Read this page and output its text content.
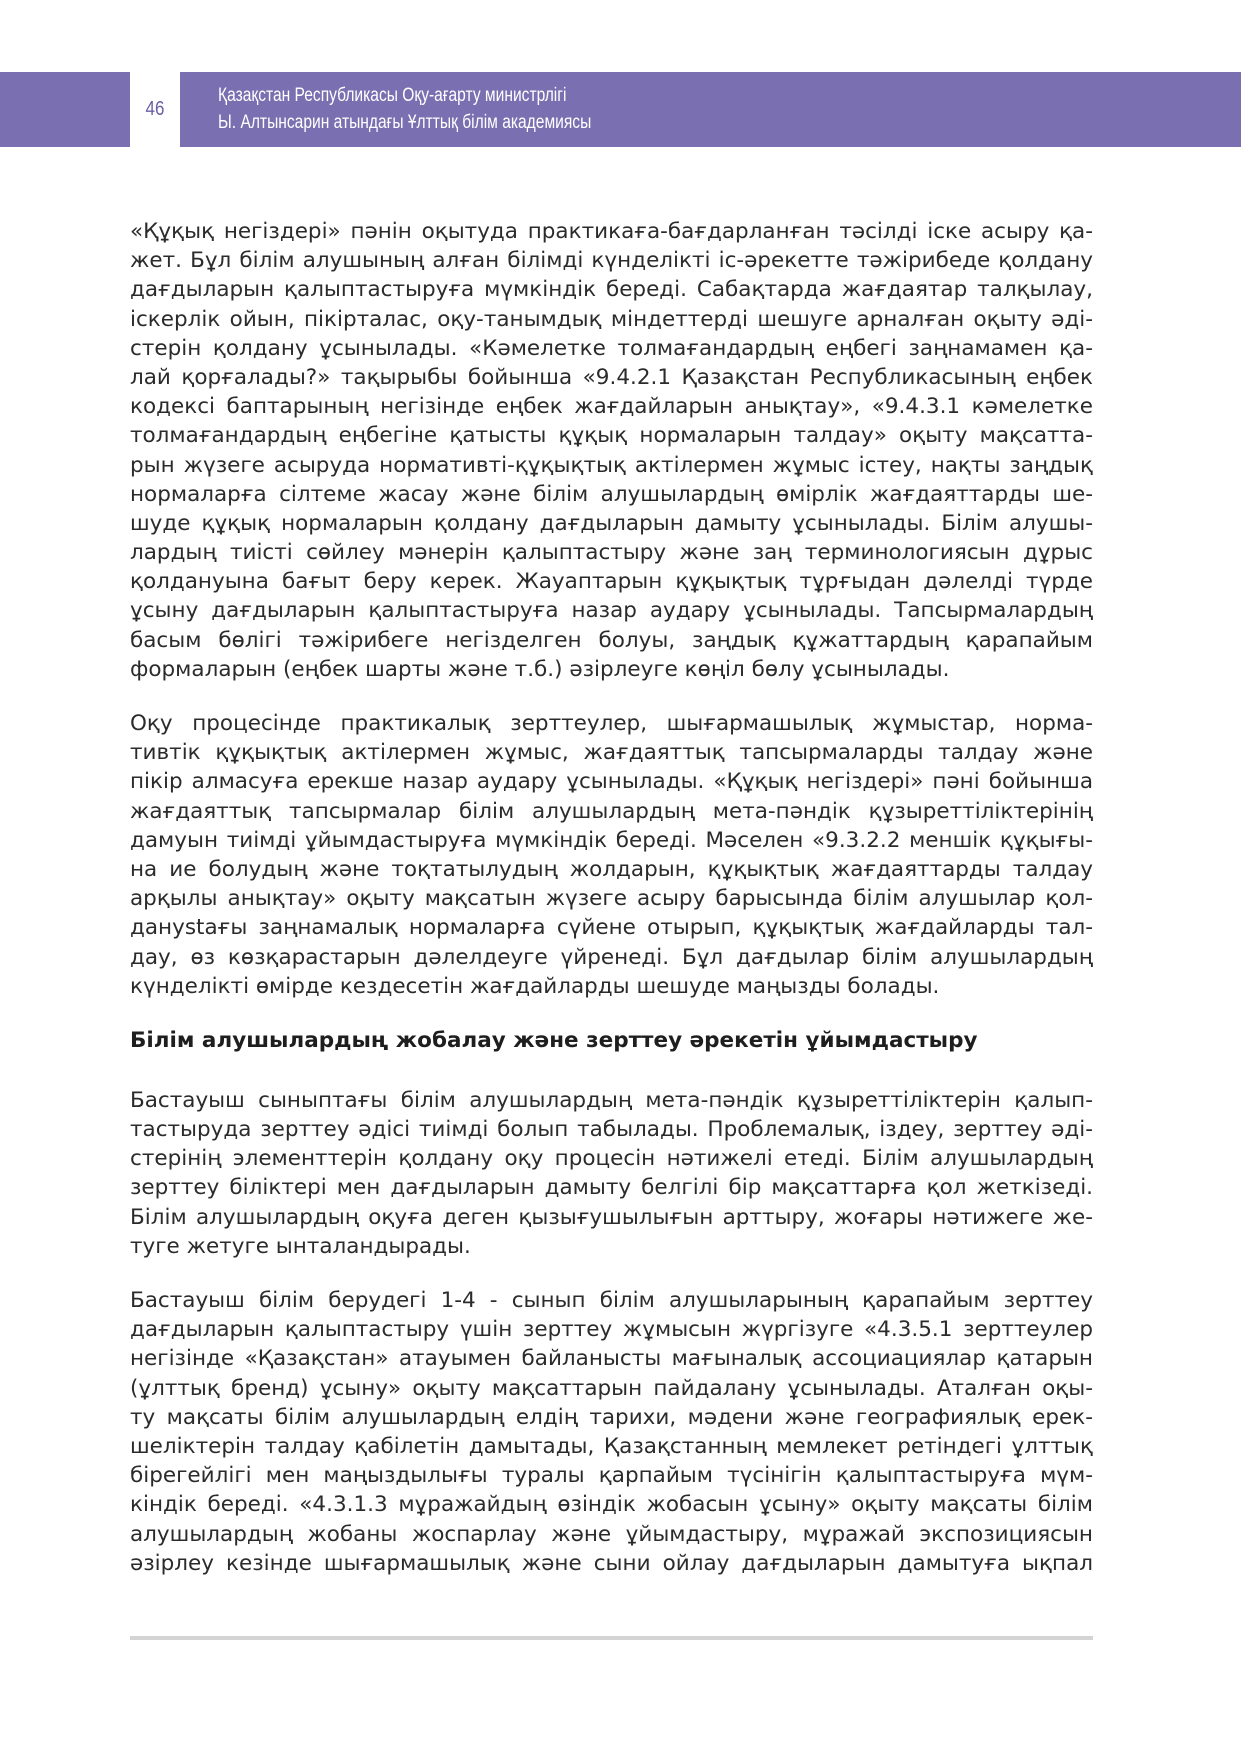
46
Қазақстан Республикасы Оқу-ағарту министрлігі
Ы. Алтынсарин атындағы Ұлттық білім академиясы
«Құқық негіздері» пәнін оқытуда практикаға-бағдарланған тәсілді іске асыру қа-
жет. Бұл білім алушының алған білімді күнделікті іс-әрекетте тәжірибеде қолдану
дағдыларын қалыптастыруға мүмкіндік береді. Сабақтарда жағдаятар талқылау,
іскерлік ойын, пікірталас, оқу-танымдық міндеттерді шешуге арналған оқыту әді-
стерін қолдану ұсынылады. «Кәмелетке толмағандардың еңбегі заңнамамен қа-
лай қорғалады?» тақырыбы бойынша «9.4.2.1 Қазақстан Республикасының еңбек
кодексі баптарының негізінде еңбек жағдайларын анықтау», «9.4.3.1 кәмелетке
толмағандардың еңбегіне қатысты құқық нормаларын талдау» оқыту мақсатта-
рын жүзеге асыруда нормативті-құқықтық актілермен жұмыс істеу, нақты заңдық
нормаларға сілтеме жасау және білім алушылардың өмірлік жағдаяттарды ше-
шуде құқық нормаларын қолдану дағдыларын дамыту ұсынылады. Білім алушы-
лардың тиісті сөйлеу мәнерін қалыптастыру және заң терминологиясын дұрыс
қолдануына бағыт беру керек. Жауаптарын құқықтық тұрғыдан дәлелді түрде
ұсыну дағдыларын қалыптастыруға назар аудару ұсынылады. Тапсырмалардың
басым бөлігі тәжірибеге негізделген болуы, заңдық құжаттардың қарапайым
формаларын (еңбек шарты және т.б.) әзірлеуге көңіл бөлу ұсынылады.
Оқу процесінде практикалық зерттеулер, шығармашылық жұмыстар, норма-
тивтік құқықтық актілермен жұмыс, жағдаяттық тапсырмаларды талдау және
пікір алмасуға ерекше назар аудару ұсынылады. «Құқық негіздері» пәні бойынша
жағдаяттық тапсырмалар білім алушылардың мета-пәндік құзыреттіліктерінің
дамуын тиімді ұйымдастыруға мүмкіндік береді. Мәселен «9.3.2.2 меншік құқығы-
на ие болудың және тоқтатылудың жолдарын, құқықтық жағдаяттарды талдау
арқылы анықтау» оқыту мақсатын жүзеге асыру барысында білім алушылар қол-
данystaғы заңнамалық нормаларға сүйене отырып, құқықтық жағдайларды тал-
дау, өз көзқарастарын дәлелдеуге үйренеді. Бұл дағдылар білім алушылардың
күнделікті өмірде кездесетін жағдайларды шешуде маңызды болады.
Білім алушылардың жобалау және зерттеу әрекетін ұйымдастыру
Бастауыш сыныптағы білім алушылардың мета-пәндік құзыреттіліктерін қалып-
тастыруда зерттеу әдісі тиімді болып табылады. Проблемалық, іздеу, зерттеу әді-
стерінің элементтерін қолдану оқу процесін нәтижелі етеді. Білім алушылардың
зерттеу біліктері мен дағдыларын дамыту белгілі бір мақсаттарға қол жеткізеді.
Білім алушылардың оқуға деген қызығушылығын арттыру, жоғары нәтижеге же-
туге жетуге ынталандырады.
Бастауыш білім берудегі 1-4 - сынып білім алушыларының қарапайым зерттеу
дағдыларын қалыптастыру үшін зерттеу жұмысын жүргізуге «4.3.5.1 зерттеулер
негізінде «Қазақстан» атауымен байланысты мағыналық ассоциациялар қатарын
(ұлттық бренд) ұсыну» оқыту мақсаттарын пайдалану ұсынылады. Аталған оқы-
ту мақсаты білім алушылардың елдің тарихи, мәдени және географиялық ерек-
шеліктерін талдау қабілетін дамытады, Қазақстанның мемлекет ретіндегі ұлттық
бірегейлігі мен маңыздылығы туралы қарпайым түсінігін қалыптастыруға мүм-
кіндік береді. «4.3.1.3 мұражайдың өзіндік жобасын ұсыну» оқыту мақсаты білім
алушылардың жобаны жоспарлау және ұйымдастыру, мұражай экспозициясын
әзірлеу кезінде шығармашылық және сыни ойлау дағдыларын дамытуға ықпал
